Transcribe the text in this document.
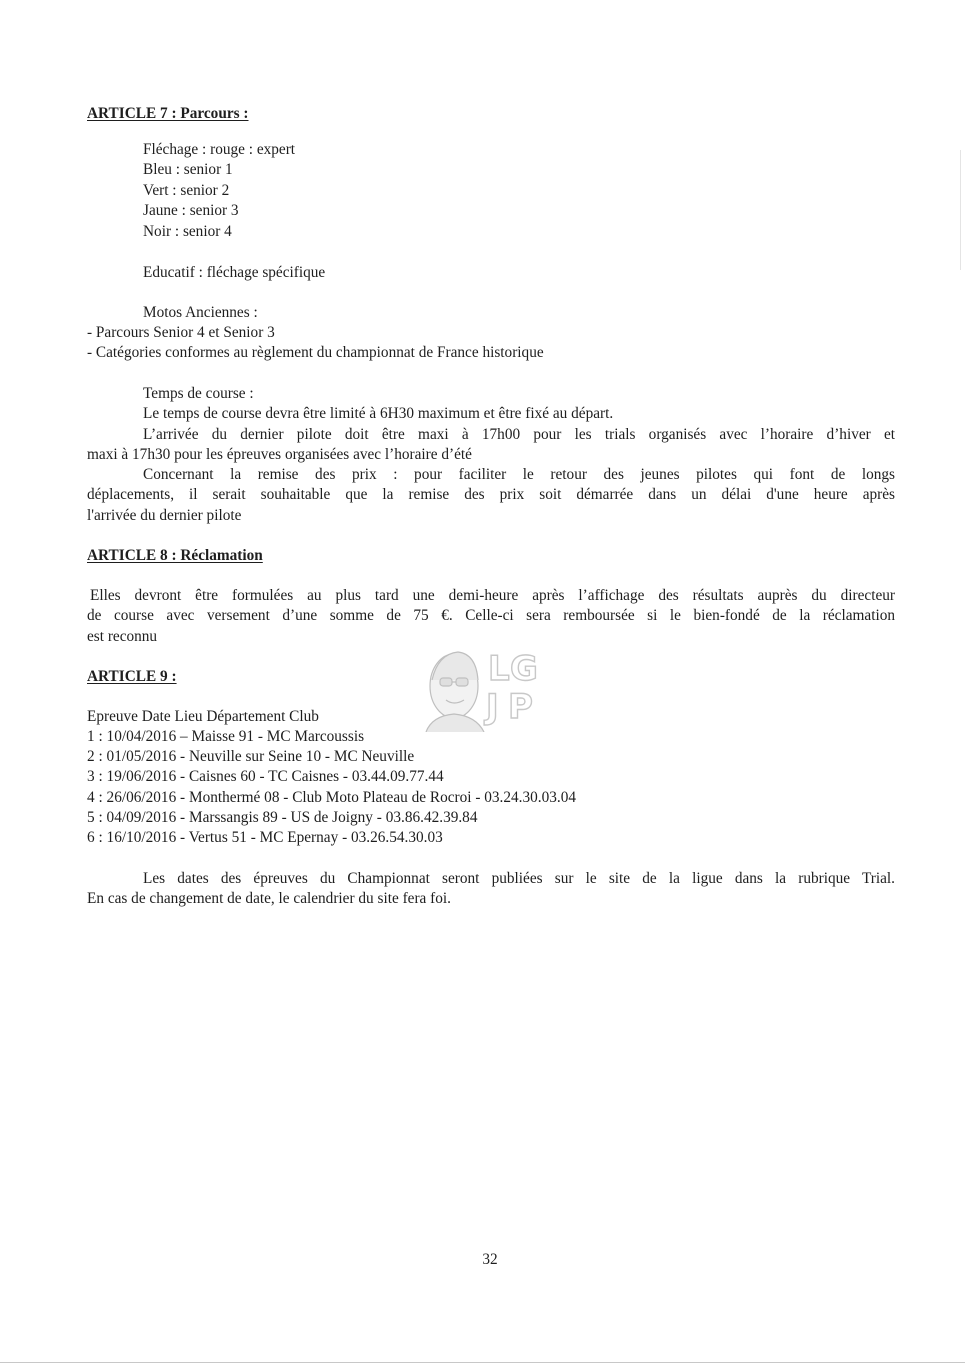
ARTICLE 7 : Parcours :
Fléchage : rouge : expert
Bleu : senior 1
Vert : senior 2
Jaune : senior 3
Noir : senior 4
Educatif : fléchage spécifique
Motos Anciennes :
- Parcours Senior 4 et Senior 3
- Catégories conformes au règlement du championnat de France historique
Temps de course :
Le temps de course devra être limité à 6H30 maximum et être fixé au départ.
L’arrivée du dernier pilote doit être maxi à 17h00 pour les trials organisés avec l’horaire d’hiver et
maxi à 17h30 pour les épreuves organisées avec l’horaire d’été
Concernant la remise des prix : pour faciliter le retour des jeunes pilotes qui font de longs
déplacements, il serait souhaitable que la remise des prix soit démarrée dans un délai d'une heure après
l'arrivée du dernier pilote
ARTICLE 8 : Réclamation
Elles devront être formulées au plus tard une demi-heure après l’affichage des résultats auprès du directeur
de course avec versement d’une somme de 75 €. Celle-ci sera remboursée si le bien-fondé de la réclamation
est reconnu
ARTICLE 9 :	L G
J P
Epreuve Date Lieu Département Club
1 : 10/04/2016 – Maisse 91 - MC Marcoussis
2 : 01/05/2016 - Neuville sur Seine 10 - MC Neuville
3 : 19/06/2016 - Caisnes 60 - TC Caisnes - 03.44.09.77.44
4 : 26/06/2016 - Monthermé 08 - Club Moto Plateau de Rocroi - 03.24.30.03.04
5 : 04/09/2016 - Marssangis 89 - US de Joigny - 03.86.42.39.84
6 : 16/10/2016 - Vertus 51 - MC Epernay - 03.26.54.30.03
Les dates des épreuves du Championnat seront publiées sur le site de la ligue dans la rubrique Trial.
En cas de changement de date, le calendrier du site fera foi.
32
